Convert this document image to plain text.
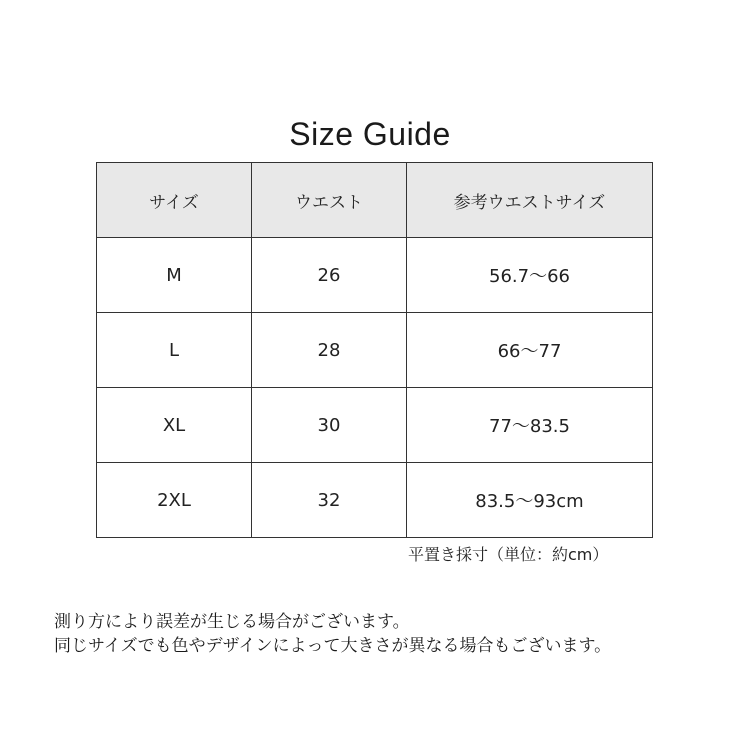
Size Guide
サイズ	ウエスト	参考ウエストサイズ
M	26	56.7～66
L	28	66～77
XL	30	77～83.5
2XL	32	83.5～93cm
平置き採寸（単位：約cm）
測り方により誤差が生じる場合がございます。
同じサイズでも色やデザインによって大きさが異なる場合もございます。
